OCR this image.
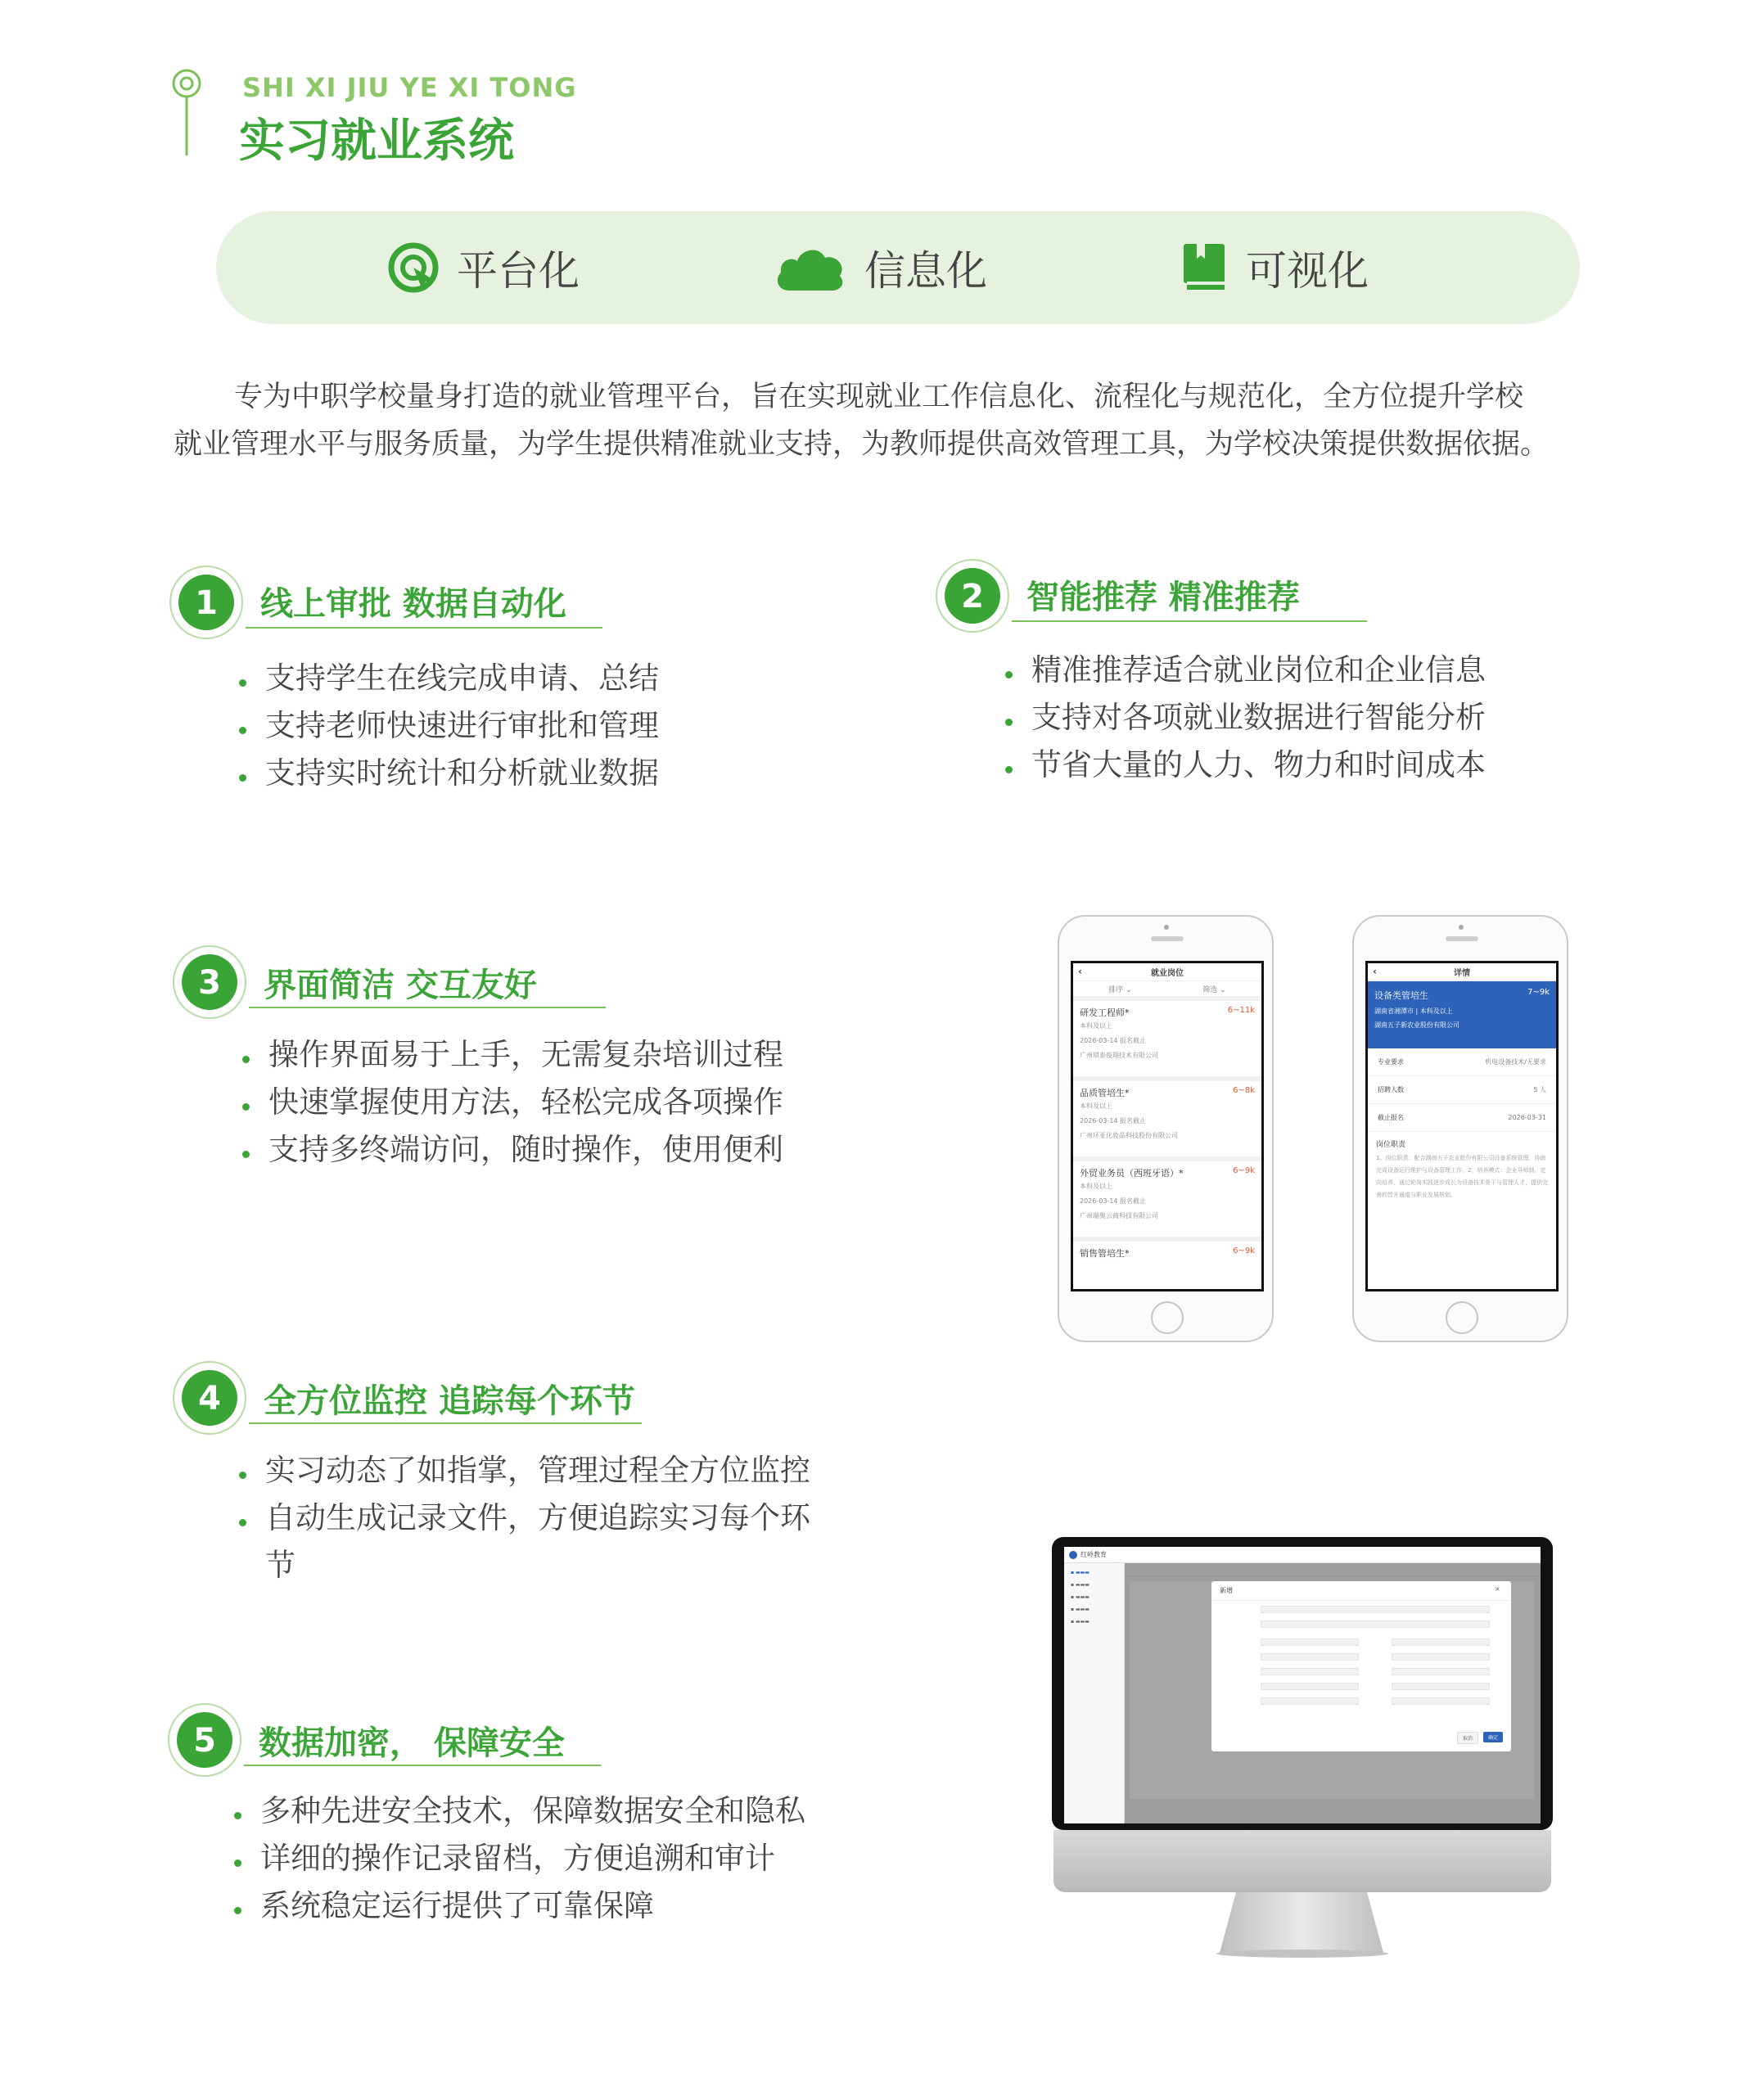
SHI XI JIU YE XI TONG
实习就业系统
平台化	信息化	可视化
专为中职学校量身打造的就业管理平台，旨在实现就业工作信息化、流程化与规范化，全方位提升学校
就业管理水平与服务质量，为学生提供精准就业支持，为教师提供高效管理工具，为学校决策提供数据依据。
1 线上审批 数据自动化
支持学生在线完成申请、总结
支持老师快速进行审批和管理
支持实时统计和分析就业数据
2 智能推荐 精准推荐
精准推荐适合就业岗位和企业信息
支持对各项就业数据进行智能分析
节省大量的人力、物力和时间成本
3 界面简洁 交互友好
操作界面易于上手，无需复杂培训过程
快速掌握使用方法，轻松完成各项操作
支持多终端访问，随时操作，使用便利
4 全方位监控 追踪每个环节
实习动态了如指掌，管理过程全方位监控
自动生成记录文件，方便追踪实习每个环
节
5 数据加密， 保障安全
多种先进安全技术，保障数据安全和隐私
详细的操作记录留档，方便追溯和审计
系统稳定运行提供了可靠保障
‹	就业岗位
排序 ⌄	筛选 ⌄
研发工程师*	6~11k
本科及以上
2026-03-14 报名截止
广州琪泰俊翔技术有限公司
品质管培生*	6~8k
本科及以上
2026-03-14 报名截止
广州环亚化妆品科技股份有限公司
外贸业务员（西班牙语）*	6~9k
本科及以上
2026-03-14 报名截止
广州瑞聚云商科技有限公司
销售管培生*	6~9k
‹	详情
设备类管培生	7~9k
湖南省湘潭市 | 本科及以上
湖南五子新农业股份有限公司
专业要求	机电设备技术/无要求
招聘人数	5 人
截止报名	2026-03-31
岗位职责
1、岗位职责：配合湖南五子农业股份有限公司设备系统管理，协助完成设备运行维护与设备管理工作。2、培养模式：企业导师制，定向培养，通过轮岗实践逐步成长为设备技术骨干与管理人才，提供完善的晋升通道与职业发展规划。
红岭教育
▪ ▬▬▬
▪ ▬▬▬
▪ ▬▬▬
▪ ▬▬▬
▪ ▬▬▬
新增	×
取消	确定
